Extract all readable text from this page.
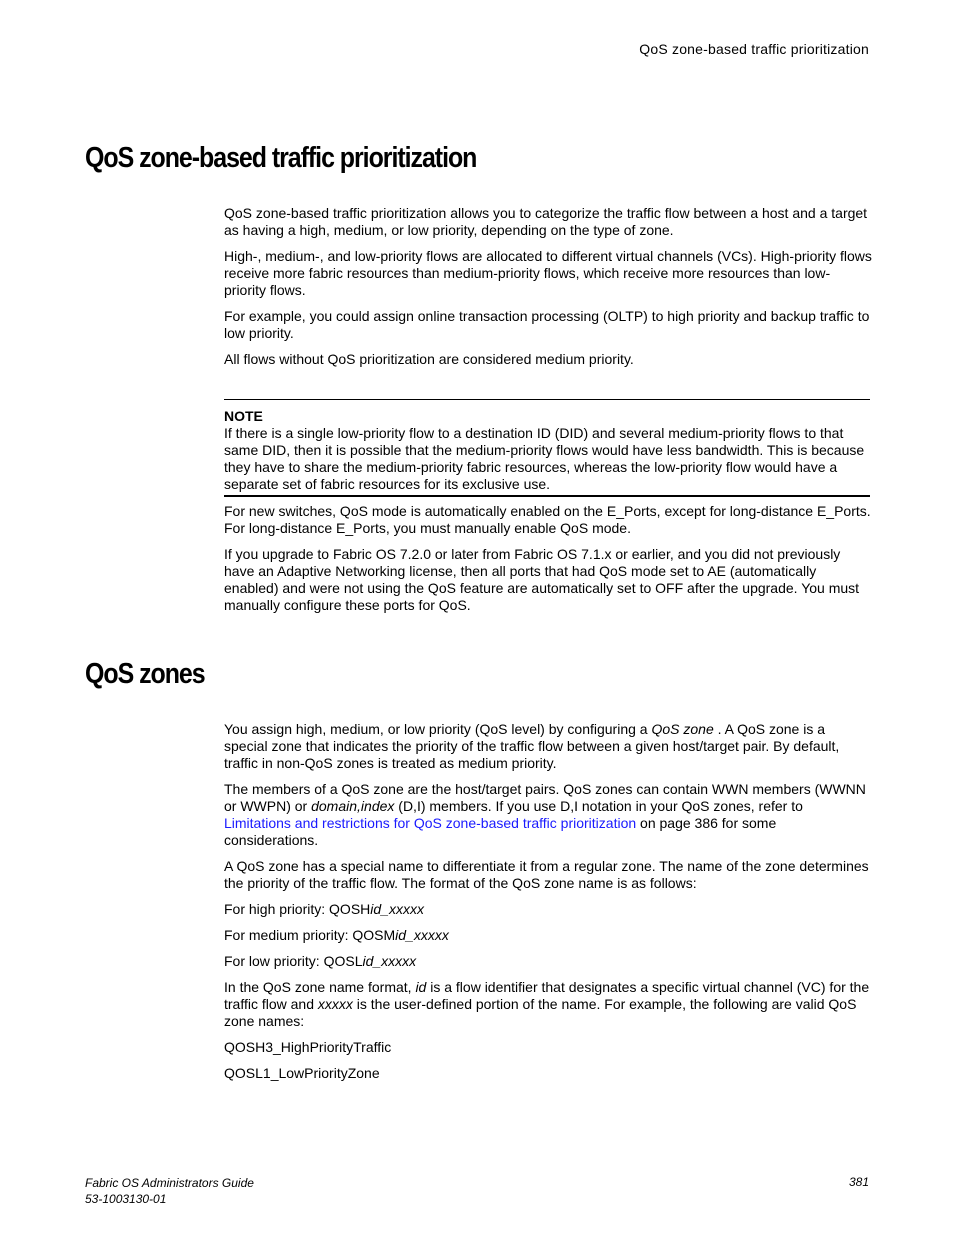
QoS zone-based traffic prioritization
QoS zone-based traffic prioritization

QoS zone-based traffic prioritization allows you to categorize the traffic flow between a host and a target as having a high, medium, or low priority, depending on the type of zone.

High-, medium-, and low-priority flows are allocated to different virtual channels (VCs). High-priority flows receive more fabric resources than medium-priority flows, which receive more resources than low-priority flows.

For example, you could assign online transaction processing (OLTP) to high priority and backup traffic to low priority.

All flows without QoS prioritization are considered medium priority.

NOTE
If there is a single low-priority flow to a destination ID (DID) and several medium-priority flows to that same DID, then it is possible that the medium-priority flows would have less bandwidth. This is because they have to share the medium-priority fabric resources, whereas the low-priority flow would have a separate set of fabric resources for its exclusive use.

For new switches, QoS mode is automatically enabled on the E_Ports, except for long-distance E_Ports. For long-distance E_Ports, you must manually enable QoS mode.

If you upgrade to Fabric OS 7.2.0 or later from Fabric OS 7.1.x or earlier, and you did not previously have an Adaptive Networking license, then all ports that had QoS mode set to AE (automatically enabled) and were not using the QoS feature are automatically set to OFF after the upgrade. You must manually configure these ports for QoS.

QoS zones

You assign high, medium, or low priority (QoS level) by configuring a QoS zone . A QoS zone is a special zone that indicates the priority of the traffic flow between a given host/target pair. By default, traffic in non-QoS zones is treated as medium priority.

The members of a QoS zone are the host/target pairs. QoS zones can contain WWN members (WWNN or WWPN) or domain,index (D,I) members. If you use D,I notation in your QoS zones, refer to Limitations and restrictions for QoS zone-based traffic prioritization on page 386 for some considerations.

A QoS zone has a special name to differentiate it from a regular zone. The name of the zone determines the priority of the traffic flow. The format of the QoS zone name is as follows:

For high priority: QOSHid_xxxxx

For medium priority: QOSMid_xxxxx

For low priority: QOSLid_xxxxx

In the QoS zone name format, id is a flow identifier that designates a specific virtual channel (VC) for the traffic flow and xxxxx is the user-defined portion of the name. For example, the following are valid QoS zone names:

QOSH3_HighPriorityTraffic

QOSL1_LowPriorityZone

Fabric OS Administrators Guide
53-1003130-01
381
